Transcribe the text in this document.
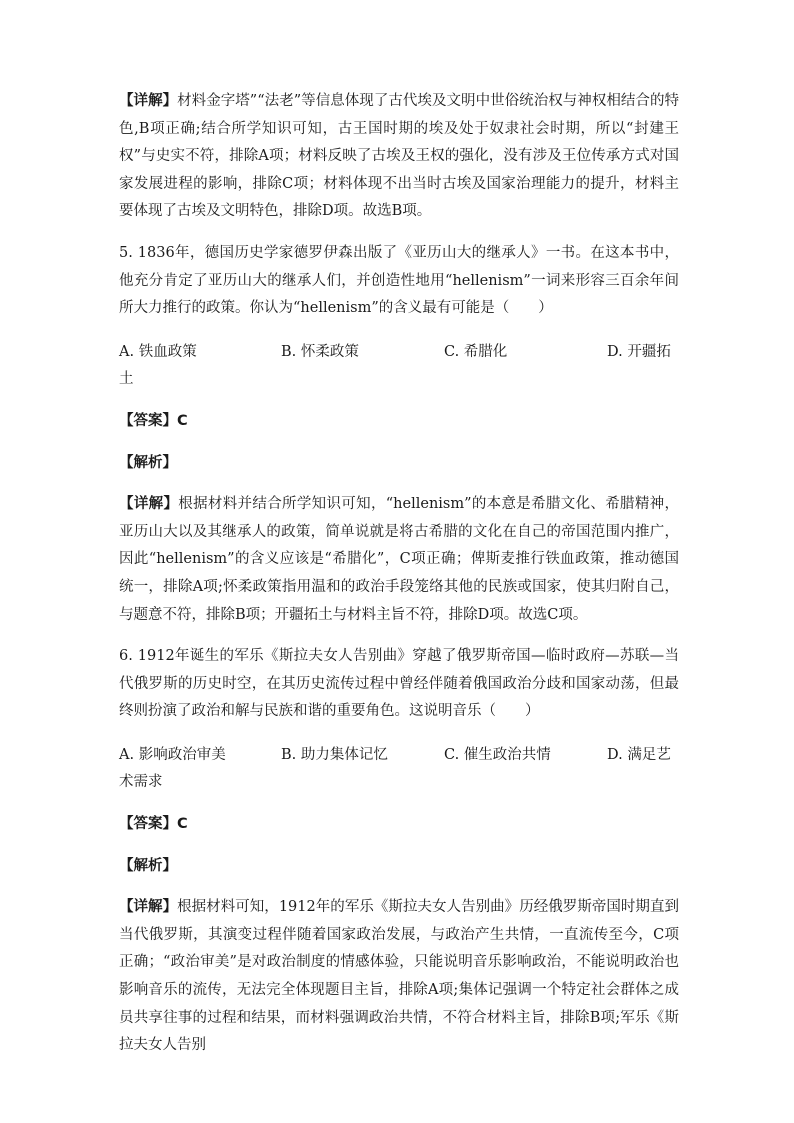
【详解】材料金字塔”“法老”等信息体现了古代埃及文明中世俗统治权与神权相结合的特色,B项正确;结合所学知识可知，古王国时期的埃及处于奴隶社会时期，所以“封建王权”与史实不符，排除A项；材料反映了古埃及王权的强化，没有涉及王位传承方式对国家发展进程的影响，排除C项；材料体现不出当时古埃及国家治理能力的提升，材料主要体现了古埃及文明特色，排除D项。故选B项。

5. 1836年，德国历史学家德罗伊森出版了《亚历山大的继承人》一书。在这本书中，他充分肯定了亚历山大的继承人们，并创造性地用“hellenism”一词来形容三百余年间所大力推行的政策。你认为“hellenism”的含义最有可能是（　　）

A. 铁血政策	B. 怀柔政策	C. 希腊化	D. 开疆拓

土

【答案】C

【解析】

【详解】根据材料并结合所学知识可知，“hellenism”的本意是希腊文化、希腊精神，亚历山大以及其继承人的政策，简单说就是将古希腊的文化在自己的帝国范围内推广，因此“hellenism”的含义应该是“希腊化”，C项正确；俾斯麦推行铁血政策，推动德国统一，排除A项;怀柔政策指用温和的政治手段笼络其他的民族或国家，使其归附自己，与题意不符，排除B项；开疆拓土与材料主旨不符，排除D项。故选C项。

6. 1912年诞生的军乐《斯拉夫女人告别曲》穿越了俄罗斯帝国—临时政府—苏联—当代俄罗斯的历史时空，在其历史流传过程中曾经伴随着俄国政治分歧和国家动荡，但最终则扮演了政治和解与民族和谐的重要角色。这说明音乐（　　）

A. 影响政治审美	B. 助力集体记忆	C. 催生政治共情	D. 满足艺

术需求

【答案】C

【解析】

【详解】根据材料可知，1912年的军乐《斯拉夫女人告别曲》历经俄罗斯帝国时期直到当代俄罗斯，其演变过程伴随着国家政治发展，与政治产生共情，一直流传至今，C项正确；“政治审美”是对政治制度的情感体验，只能说明音乐影响政治，不能说明政治也影响音乐的流传，无法完全体现题目主旨，排除A项;集体记强调一个特定社会群体之成员共享往事的过程和结果，而材料强调政治共情，不符合材料主旨，排除B项;军乐《斯拉夫女人告别
